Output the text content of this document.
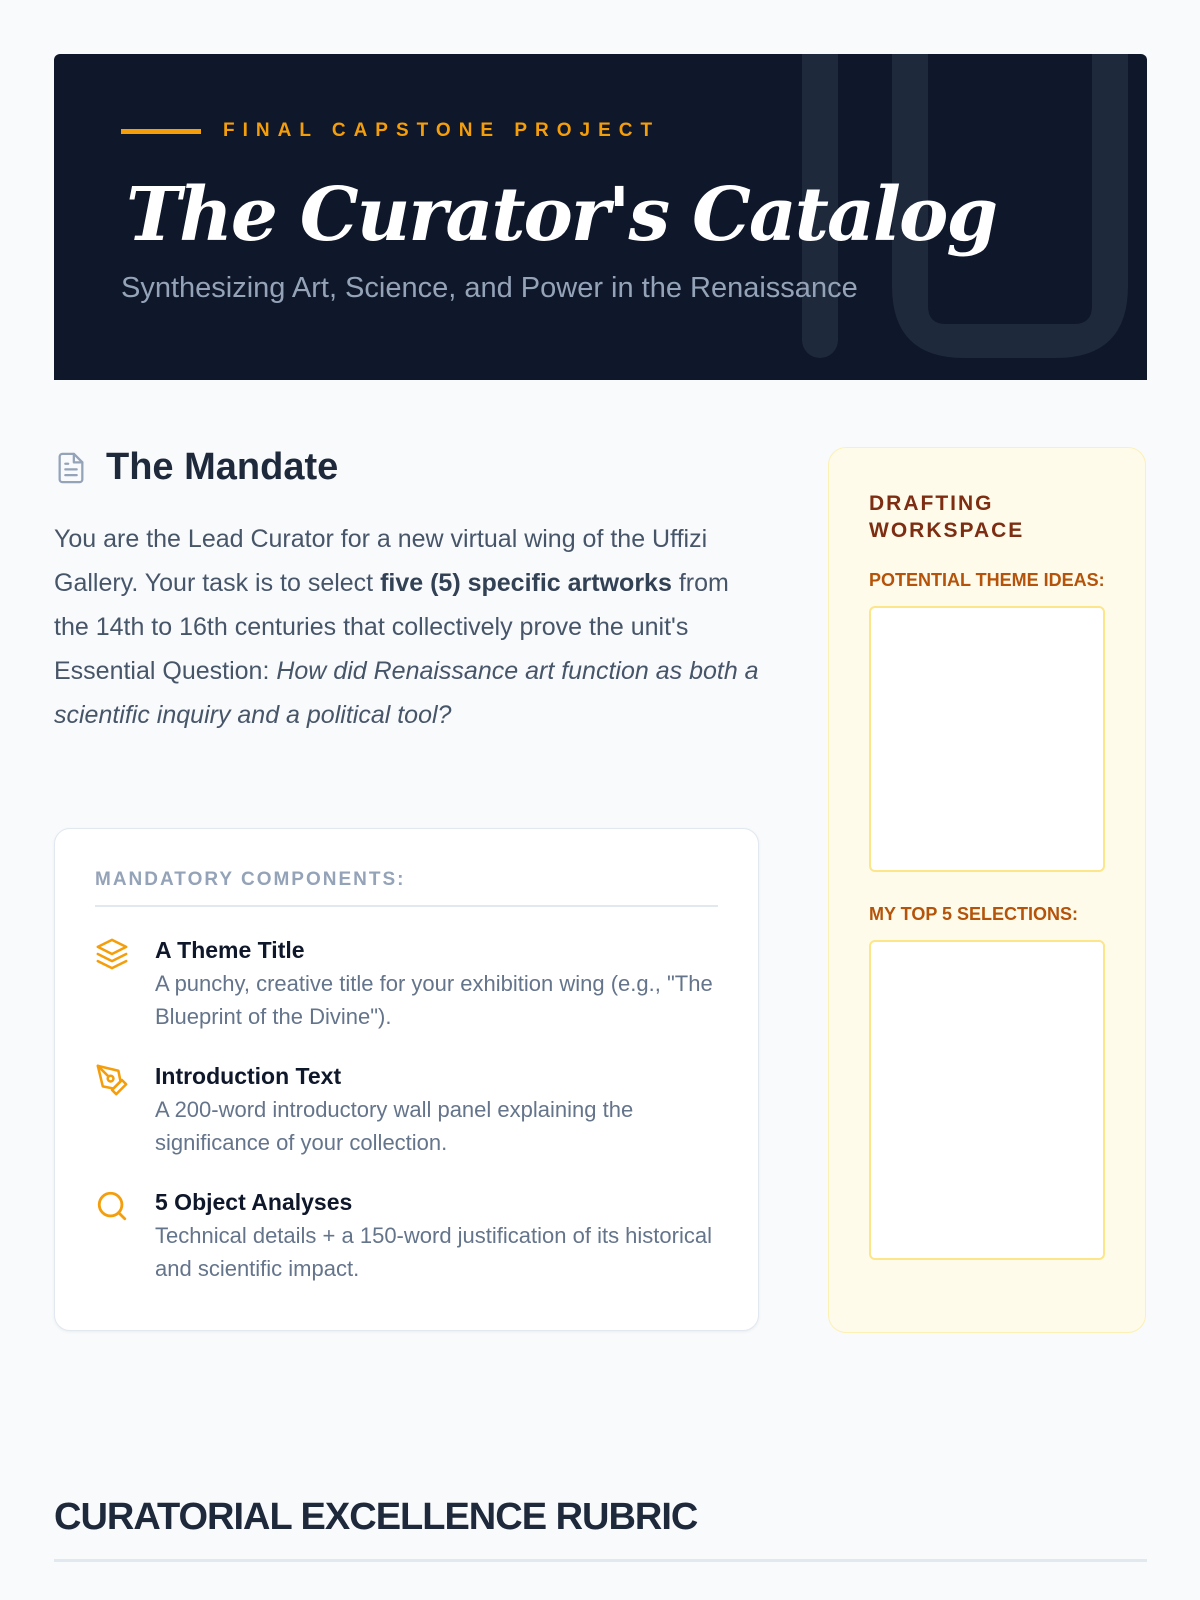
FINAL CAPSTONE PROJECT
The Curator's Catalog
Synthesizing Art, Science, and Power in the Renaissance
The Mandate

You are the Lead Curator for a new virtual wing of the Uffizi Gallery. Your task is to select five (5) specific artworks from the 14th to 16th centuries that collectively prove the unit's Essential Question: How did Renaissance art function as both a scientific inquiry and a political tool?

MANDATORY COMPONENTS:
A Theme Title
A punchy, creative title for your exhibition wing (e.g., "The Blueprint of the Divine").
Introduction Text
A 200-word introductory wall panel explaining the significance of your collection.
5 Object Analyses
Technical details + a 150-word justification of its historical and scientific impact.
DRAFTING WORKSPACE
POTENTIAL THEME IDEAS:
MY TOP 5 SELECTIONS:
CURATORIAL EXCELLENCE RUBRIC
